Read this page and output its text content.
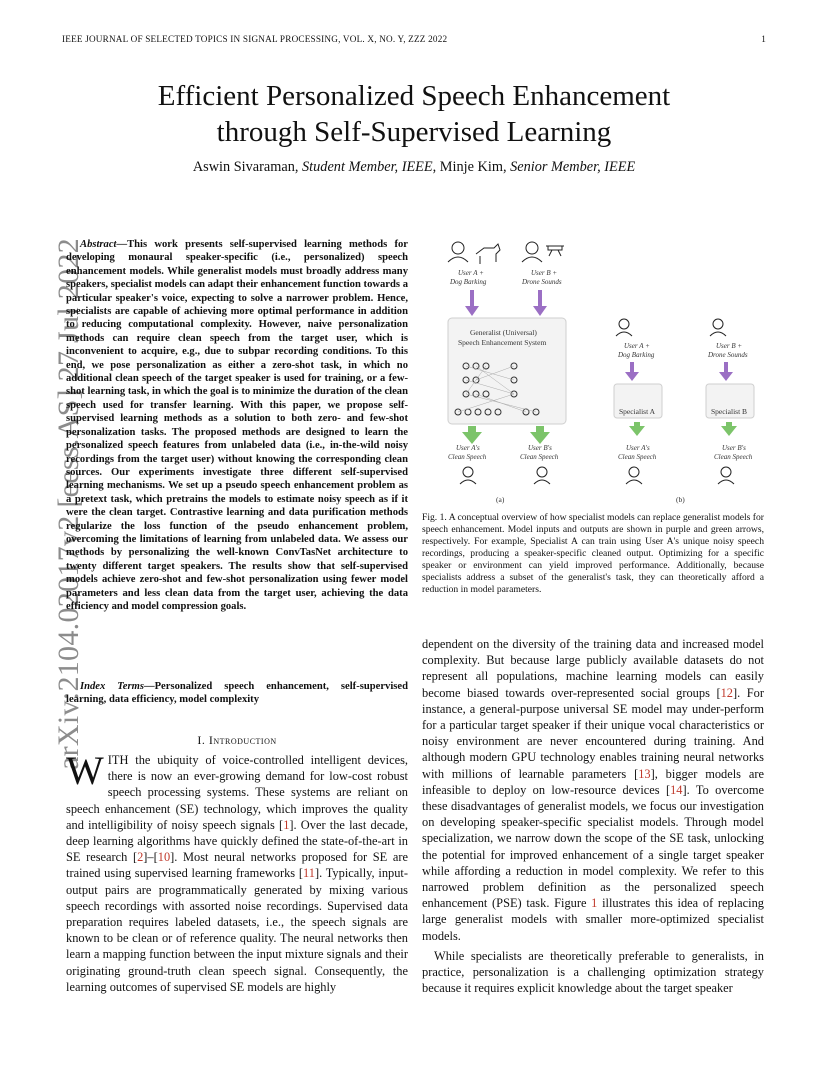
IEEE JOURNAL OF SELECTED TOPICS IN SIGNAL PROCESSING, VOL. X, NO. Y, ZZZ 2022	1
Efficient Personalized Speech Enhancement
through Self-Supervised Learning
Aswin Sivaraman, Student Member, IEEE, Minje Kim, Senior Member, IEEE
arXiv:2104.02017v2 [eess.AS] 27 Jul 2022
Abstract—This work presents self-supervised learning methods for developing monaural speaker-specific (i.e., personalized) speech enhancement models. While generalist models must broadly address many speakers, specialist models can adapt their enhancement function towards a particular speaker's voice, expecting to solve a narrower problem. Hence, specialists are capable of achieving more optimal performance in addition to reducing computational complexity. However, naive personalization methods can require clean speech from the target user, which is inconvenient to acquire, e.g., due to subpar recording conditions. To this end, we pose personalization as either a zero-shot task, in which no additional clean speech of the target speaker is used for training, or a few-shot learning task, in which the goal is to minimize the duration of the clean speech used for transfer learning. With this paper, we propose self-supervised learning methods as a solution to both zero- and few-shot personalization tasks. The proposed methods are designed to learn the personalized speech features from unlabeled data (i.e., in-the-wild noisy recordings from the target user) without knowing the corresponding clean sources. Our experiments investigate three different self-supervised learning mechanisms. We set up a pseudo speech enhancement problem as a pretext task, which pretrains the models to estimate noisy speech as if it were the clean target. Contrastive learning and data purification methods regularize the loss function of the pseudo enhancement problem, overcoming the limitations of learning from unlabeled data. We assess our methods by personalizing the well-known ConvTasNet architecture to twenty different target speakers. The results show that self-supervised models achieve zero-shot and few-shot personalization using fewer model parameters and less clean data from the target user, achieving the data efficiency and model compression goals.
Index Terms—Personalized speech enhancement, self-supervised learning, data efficiency, model complexity
I. Introduction
WITH the ubiquity of voice-controlled intelligent devices, there is now an ever-growing demand for low-cost robust speech processing systems. These systems are reliant on speech enhancement (SE) technology, which improves the quality and intelligibility of noisy speech signals [1]. Over the last decade, deep learning algorithms have quickly defined the state-of-the-art in SE research [2]–[10]. Most neural networks proposed for SE are trained using supervised learning frameworks [11]. Typically, input-output pairs are programmatically generated by mixing various speech recordings with assorted noise recordings. Supervised data preparation requires labeled datasets, i.e., the speech signals are known to be clean or of reference quality. The neural networks then learn a mapping function between the input mixture signals and their originating ground-truth clean speech signal. Consequently, the learning outcomes of supervised SE models are highly
User A +
Dog Barking
User B +
Drone Sounds
Generalist (Universal)
Speech Enhancement System
User A's
Clean Speech
User B's
Clean Speech
(a)
User A +
Dog Barking
User B +
Drone Sounds
Specialist A	Specialist B
User A's
Clean Speech
User B's
Clean Speech
(b)
Fig. 1. A conceptual overview of how specialist models can replace generalist models for speech enhancement. Model inputs and outputs are shown in purple and green arrows, respectively. For example, Specialist A can train using User A's unique noisy speech recordings, producing a speaker-specific cleaned output. Optimizing for a specific speaker or environment can yield improved performance. Additionally, because specialists address a subset of the generalist's task, they can theoretically afford a reduction in model parameters.

dependent on the diversity of the training data and increased model complexity. But because large publicly available datasets do not represent all populations, machine learning models can easily become biased towards over-represented social groups [12]. For instance, a general-purpose universal SE model may under-perform for a particular target speaker if their unique vocal characteristics or noisy environment are never encountered during training. And although modern GPU technology enables training neural networks with millions of learnable parameters [13], bigger models are infeasible to deploy on low-resource devices [14]. To overcome these disadvantages of generalist models, we focus our investigation on developing speaker-specific specialist models. Through model specialization, we narrow down the scope of the SE task, unlocking the potential for improved enhancement of a single target speaker while affording a reduction in model complexity. We refer to this narrowed problem definition as the personalized speech enhancement (PSE) task. Figure 1 illustrates this idea of replacing large generalist models with smaller more-optimized specialist models.

While specialists are theoretically preferable to generalists, in practice, personalization is a challenging optimization strategy because it requires explicit knowledge about the target speaker
